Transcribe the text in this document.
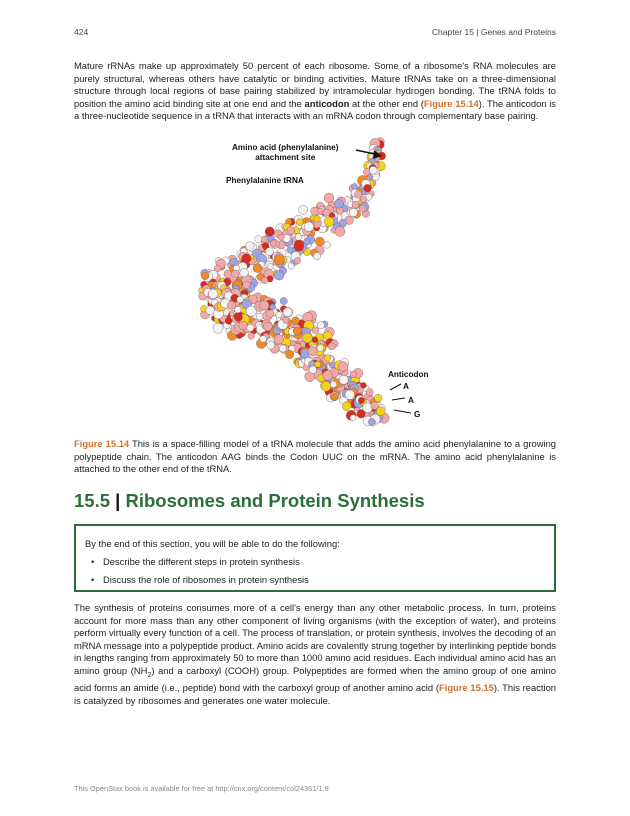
424	Chapter 15 | Genes and Proteins

Mature rRNAs make up approximately 50 percent of each ribosome. Some of a ribosome's RNA molecules are purely structural, whereas others have catalytic or binding activities. Mature tRNAs take on a three-dimensional structure through local regions of base pairing stabilized by intramolecular hydrogen bonding. The tRNA folds to position the amino acid binding site at one end and the anticodon at the other end (Figure 15.14). The anticodon is a three-nucleotide sequence in a tRNA that interacts with an mRNA codon through complementary base pairing.

Amino acid (phenylalanine)
attachment site
Phenylalanine tRNA
Anticodon
A
A
G

Figure 15.14 This is a space-filling model of a tRNA molecule that adds the amino acid phenylalanine to a growing polypeptide chain. The anticodon AAG binds the Codon UUC on the mRNA. The amino acid phenylalanine is attached to the other end of the tRNA.

15.5 | Ribosomes and Protein Synthesis
By the end of this section, you will be able to do the following:
• Describe the different steps in protein synthesis
• Discuss the role of ribosomes in protein synthesis

The synthesis of proteins consumes more of a cell's energy than any other metabolic process. In turn, proteins account for more mass than any other component of living organisms (with the exception of water), and proteins perform virtually every function of a cell. The process of translation, or protein synthesis, involves the decoding of an mRNA message into a polypeptide product. Amino acids are covalently strung together by interlinking peptide bonds in lengths ranging from approximately 50 to more than 1000 amino acid residues. Each individual amino acid has an amino group $(NH_2)$ and a carboxyl (COOH) group. Polypeptides are formed when the amino group of one amino acid forms an amide (i.e., peptide) bond with the carboxyl group of another amino acid (Figure 15.15). This reaction is catalyzed by ribosomes and generates one water molecule.

This OpenStax book is available for free at http://cnx.org/content/col24361/1.8
